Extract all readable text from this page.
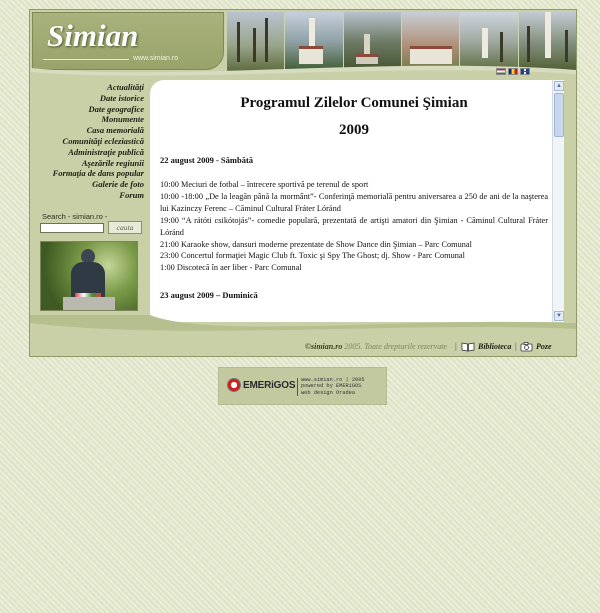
Simian
www.simian.ro
Actualități
Date istorice
Date geografice
Monumente
Casa memorială
Comunităţi ecleziastică
Administraţie publică
Aşezările regiunii
Formaţia de dans popular
Galerie de foto
Forum
Search - simian.ro -
cauta
Programul Zilelor Comunei Şimian
2009
22 august 2009 - Sâmbătă
10:00 Meciuri de fotbal – întrecere sportivă pe terenul de sport
10:00 -18:00 „De la leagăn până la mormânt”- Conferinţă memorială pentru aniversarea a 250 de ani de la naşterea lui Kazinczy Ferenc – Căminul Cultural Fráter Lóránd
19:00 “A rátóti csikótojás”- comedie populară, prezentată de artişti amatori din Şimian - Căminul Cultural Fráter Lóránd
21:00 Karaoke show, dansuri moderne prezentate de Show Dance din Şimian – Parc Comunal
23:00 Concertul formaţiei Magic Club ft. Toxic şi Spy The Ghost; dj. Show - Parc Comunal
1:00 Discotecă în aer liber - Parc Comunal
23 august 2009 – Duminică
▲
▼
©simian.ro 2005. Toate drepturile rezervate |	Biblioteca | Poze
EMERiGOS www.simian.ro | 2005
powered by EMERiGOS
web design Oradea
